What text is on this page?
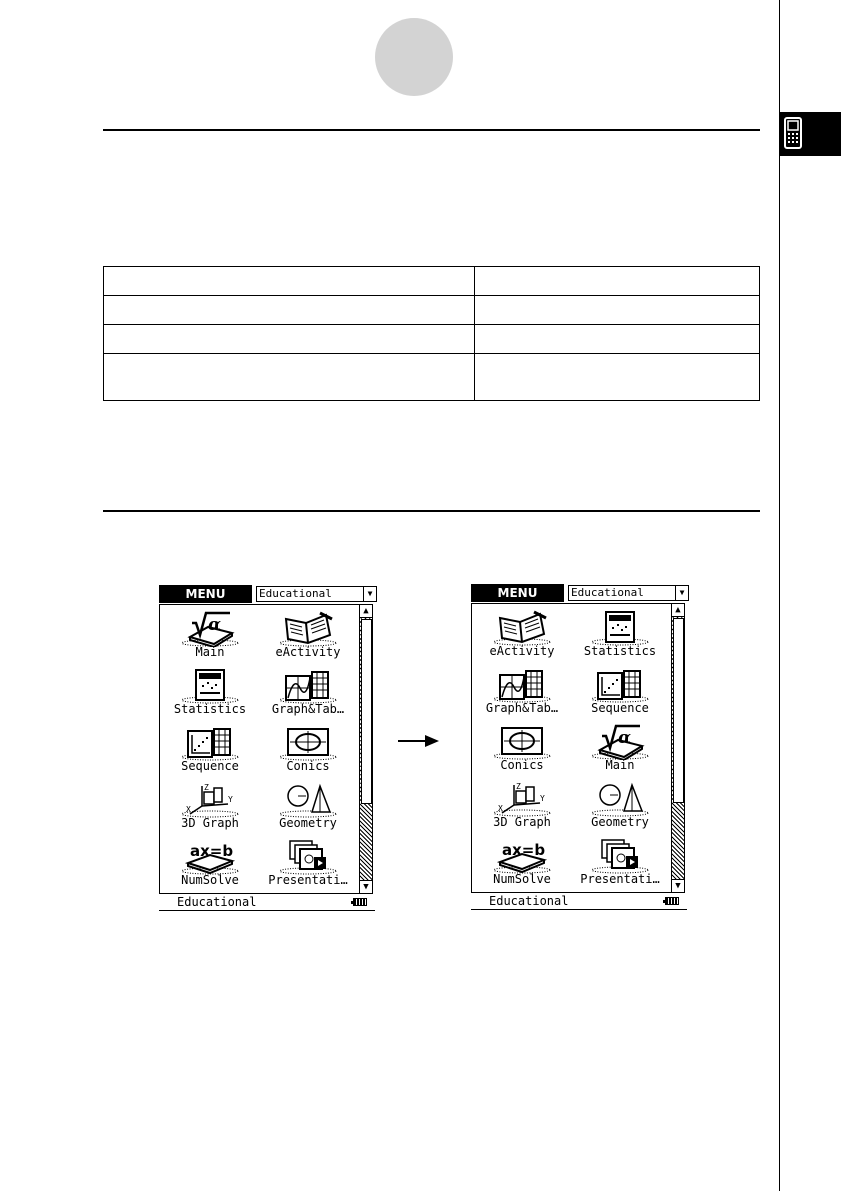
MENU	Educational	▼
α
Main	eActivity
Statistics	Graph&Tab…
Sequence	Conics
Z
X
Y
3D Graph	Geometry
ax=b
NumSolve	Presentati…
▲
▼
Educational
MENU	Educational	▼
eActivity	Statistics
Graph&Tab…	Sequence
Conics
α
Main
Z
X
Y
3D Graph	Geometry
ax=b
NumSolve	Presentati…
▲
▼
Educational
